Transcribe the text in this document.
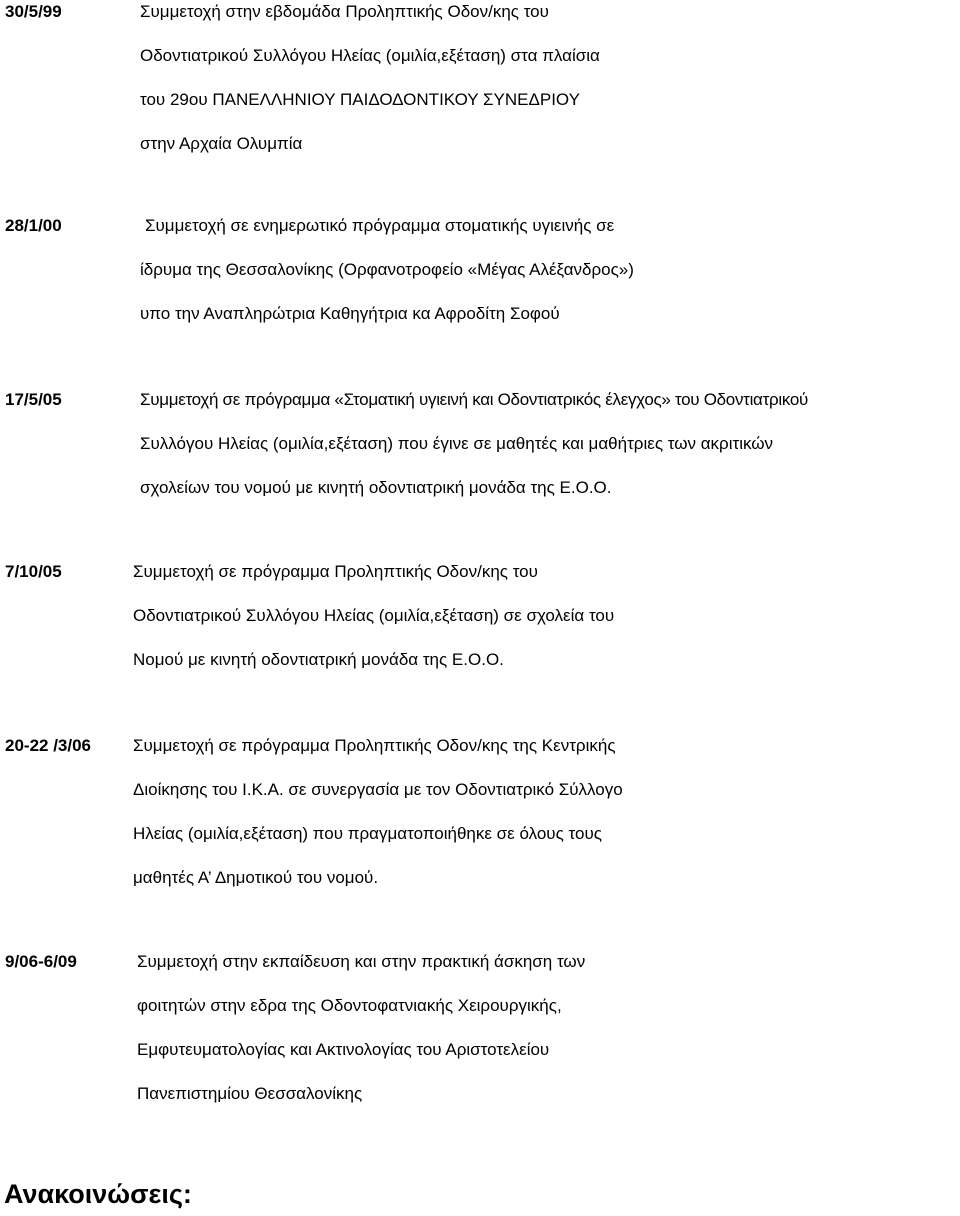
30/5/99	Συμμετοχή στην εβδομάδα Προληπτικής Οδον/κης του
Οδοντιατρικού Συλλόγου Ηλείας (ομιλία,εξέταση) στα πλαίσια
του 29ου ΠΑΝΕΛΛΗΝΙΟΥ ΠΑΙΔΟΔΟΝΤΙΚΟΥ ΣΥΝΕΔΡΙΟΥ
στην Αρχαία Ολυμπία
28/1/00	Συμμετοχή σε ενημερωτικό πρόγραμμα στοματικής υγιεινής σε
ίδρυμα της Θεσσαλονίκης (Ορφανοτροφείο «Μέγας Αλέξανδρος»)
υπο την Αναπληρώτρια Καθηγήτρια κα Αφροδίτη Σοφού
17/5/05	Συμμετοχή σε πρόγραμμα «Στοματική υγιεινή και Οδοντιατρικός έλεγχος» του Οδοντιατρικού
Συλλόγου Ηλείας (ομιλία,εξέταση) που έγινε σε μαθητές και μαθήτριες των ακριτικών
σχολείων του νομού με κινητή οδοντιατρική μονάδα της Ε.Ο.Ο.
7/10/05	Συμμετοχή σε πρόγραμμα Προληπτικής Οδον/κης του
Οδοντιατρικού Συλλόγου Ηλείας (ομιλία,εξέταση) σε σχολεία του
Νομού με κινητή οδοντιατρική μονάδα της Ε.Ο.Ο.
20-22 /3/06 Συμμετοχή σε πρόγραμμα Προληπτικής Οδον/κης της Κεντρικής
Διοίκησης του Ι.Κ.Α. σε συνεργασία με τον Οδοντιατρικό Σύλλογο
Ηλείας (ομιλία,εξέταση) που πραγματοποιήθηκε σε όλους τους
μαθητές Α’ Δημοτικού του νομού.
9/06-6/09	Συμμετοχή στην εκπαίδευση και στην πρακτική άσκηση των
φοιτητών στην εδρα της Οδοντοφατνιακής Χειρουργικής,
Εμφυτευματολογίας και Ακτινολογίας του Αριστοτελείου
Πανεπιστημίου Θεσσαλονίκης
Ανακοινώσεις:
